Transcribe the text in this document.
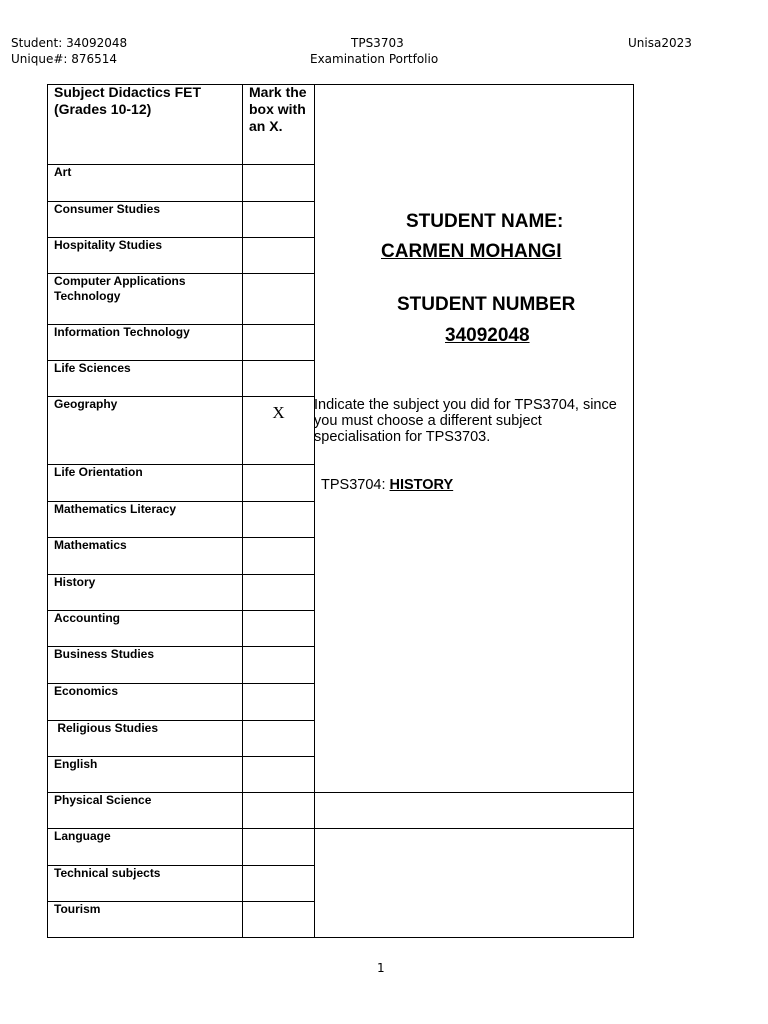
Student: 34092048
Unique#: 876514
TPS3703
Examination Portfolio
Unisa2023
Subject Didactics FET (Grades 10-12)
Mark the box with an X.
Art
Consumer Studies
Hospitality Studies
Computer Applications Technology
Information Technology
Life Sciences
Geography	X
Life Orientation
Mathematics Literacy
Mathematics
History
Accounting
Business Studies
Economics
Religious Studies
English
Physical Science
Language
Technical subjects
Tourism
STUDENT NAME:
CARMEN MOHANGI
STUDENT NUMBER
34092048
Indicate the subject you did for TPS3704, since you must choose a different subject specialisation for TPS3703.
TPS3704: HISTORY
1
